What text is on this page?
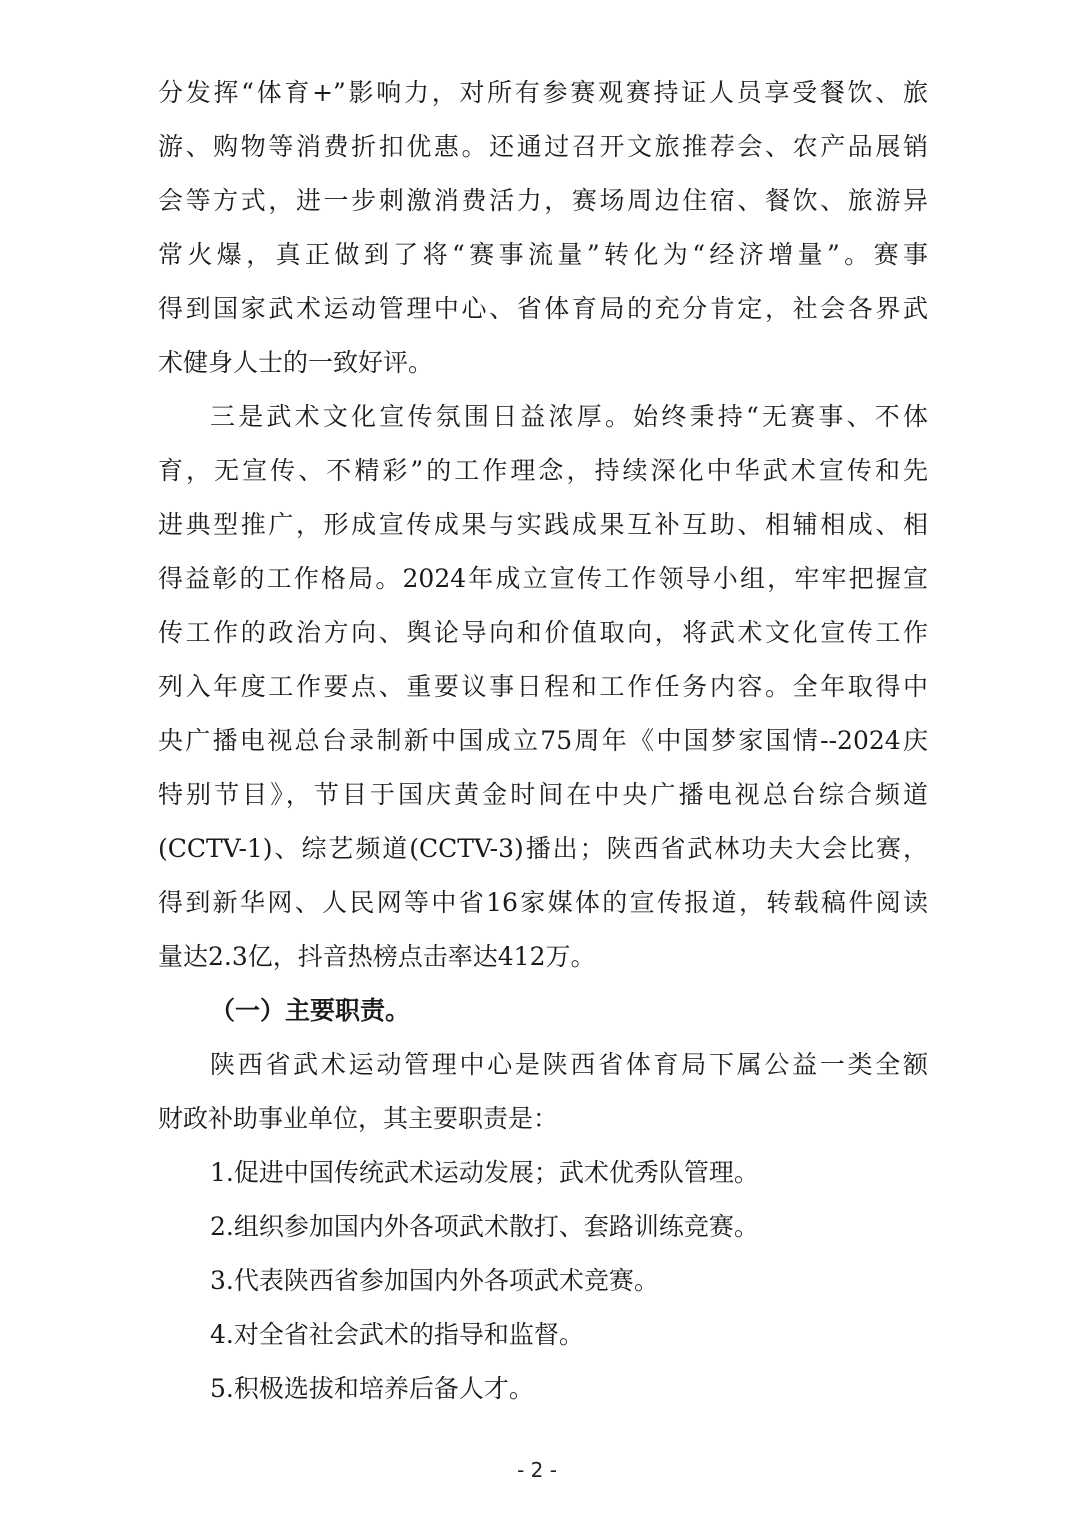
分发挥“体育+”影响力，对所有参赛观赛持证人员享受餐饮、旅
游、购物等消费折扣优惠。还通过召开文旅推荐会、农产品展销
会等方式，进一步刺激消费活力，赛场周边住宿、餐饮、旅游异
常火爆，真正做到了将“赛事流量”转化为“经济增量”。赛事
得到国家武术运动管理中心、省体育局的充分肯定，社会各界武
术健身人士的一致好评。
三是武术文化宣传氛围日益浓厚。始终秉持“无赛事、不体
育，无宣传、不精彩”的工作理念，持续深化中华武术宣传和先
进典型推广，形成宣传成果与实践成果互补互助、相辅相成、相
得益彰的工作格局。2024年成立宣传工作领导小组，牢牢把握宣
传工作的政治方向、舆论导向和价值取向，将武术文化宣传工作
列入年度工作要点、重要议事日程和工作任务内容。全年取得中
央广播电视总台录制新中国成立75周年《中国梦家国情--2024庆
特别节目》，节目于国庆黄金时间在中央广播电视总台综合频道
(CCTV-1)、综艺频道(CCTV-3)播出；陕西省武林功夫大会比赛，
得到新华网、人民网等中省16家媒体的宣传报道，转载稿件阅读
量达2.3亿，抖音热榜点击率达412万。
（一）主要职责。
陕西省武术运动管理中心是陕西省体育局下属公益一类全额
财政补助事业单位，其主要职责是：
1.促进中国传统武术运动发展；武术优秀队管理。
2.组织参加国内外各项武术散打、套路训练竞赛。
3.代表陕西省参加国内外各项武术竞赛。
4.对全省社会武术的指导和监督。
5.积极选拔和培养后备人才。
- 2 -
